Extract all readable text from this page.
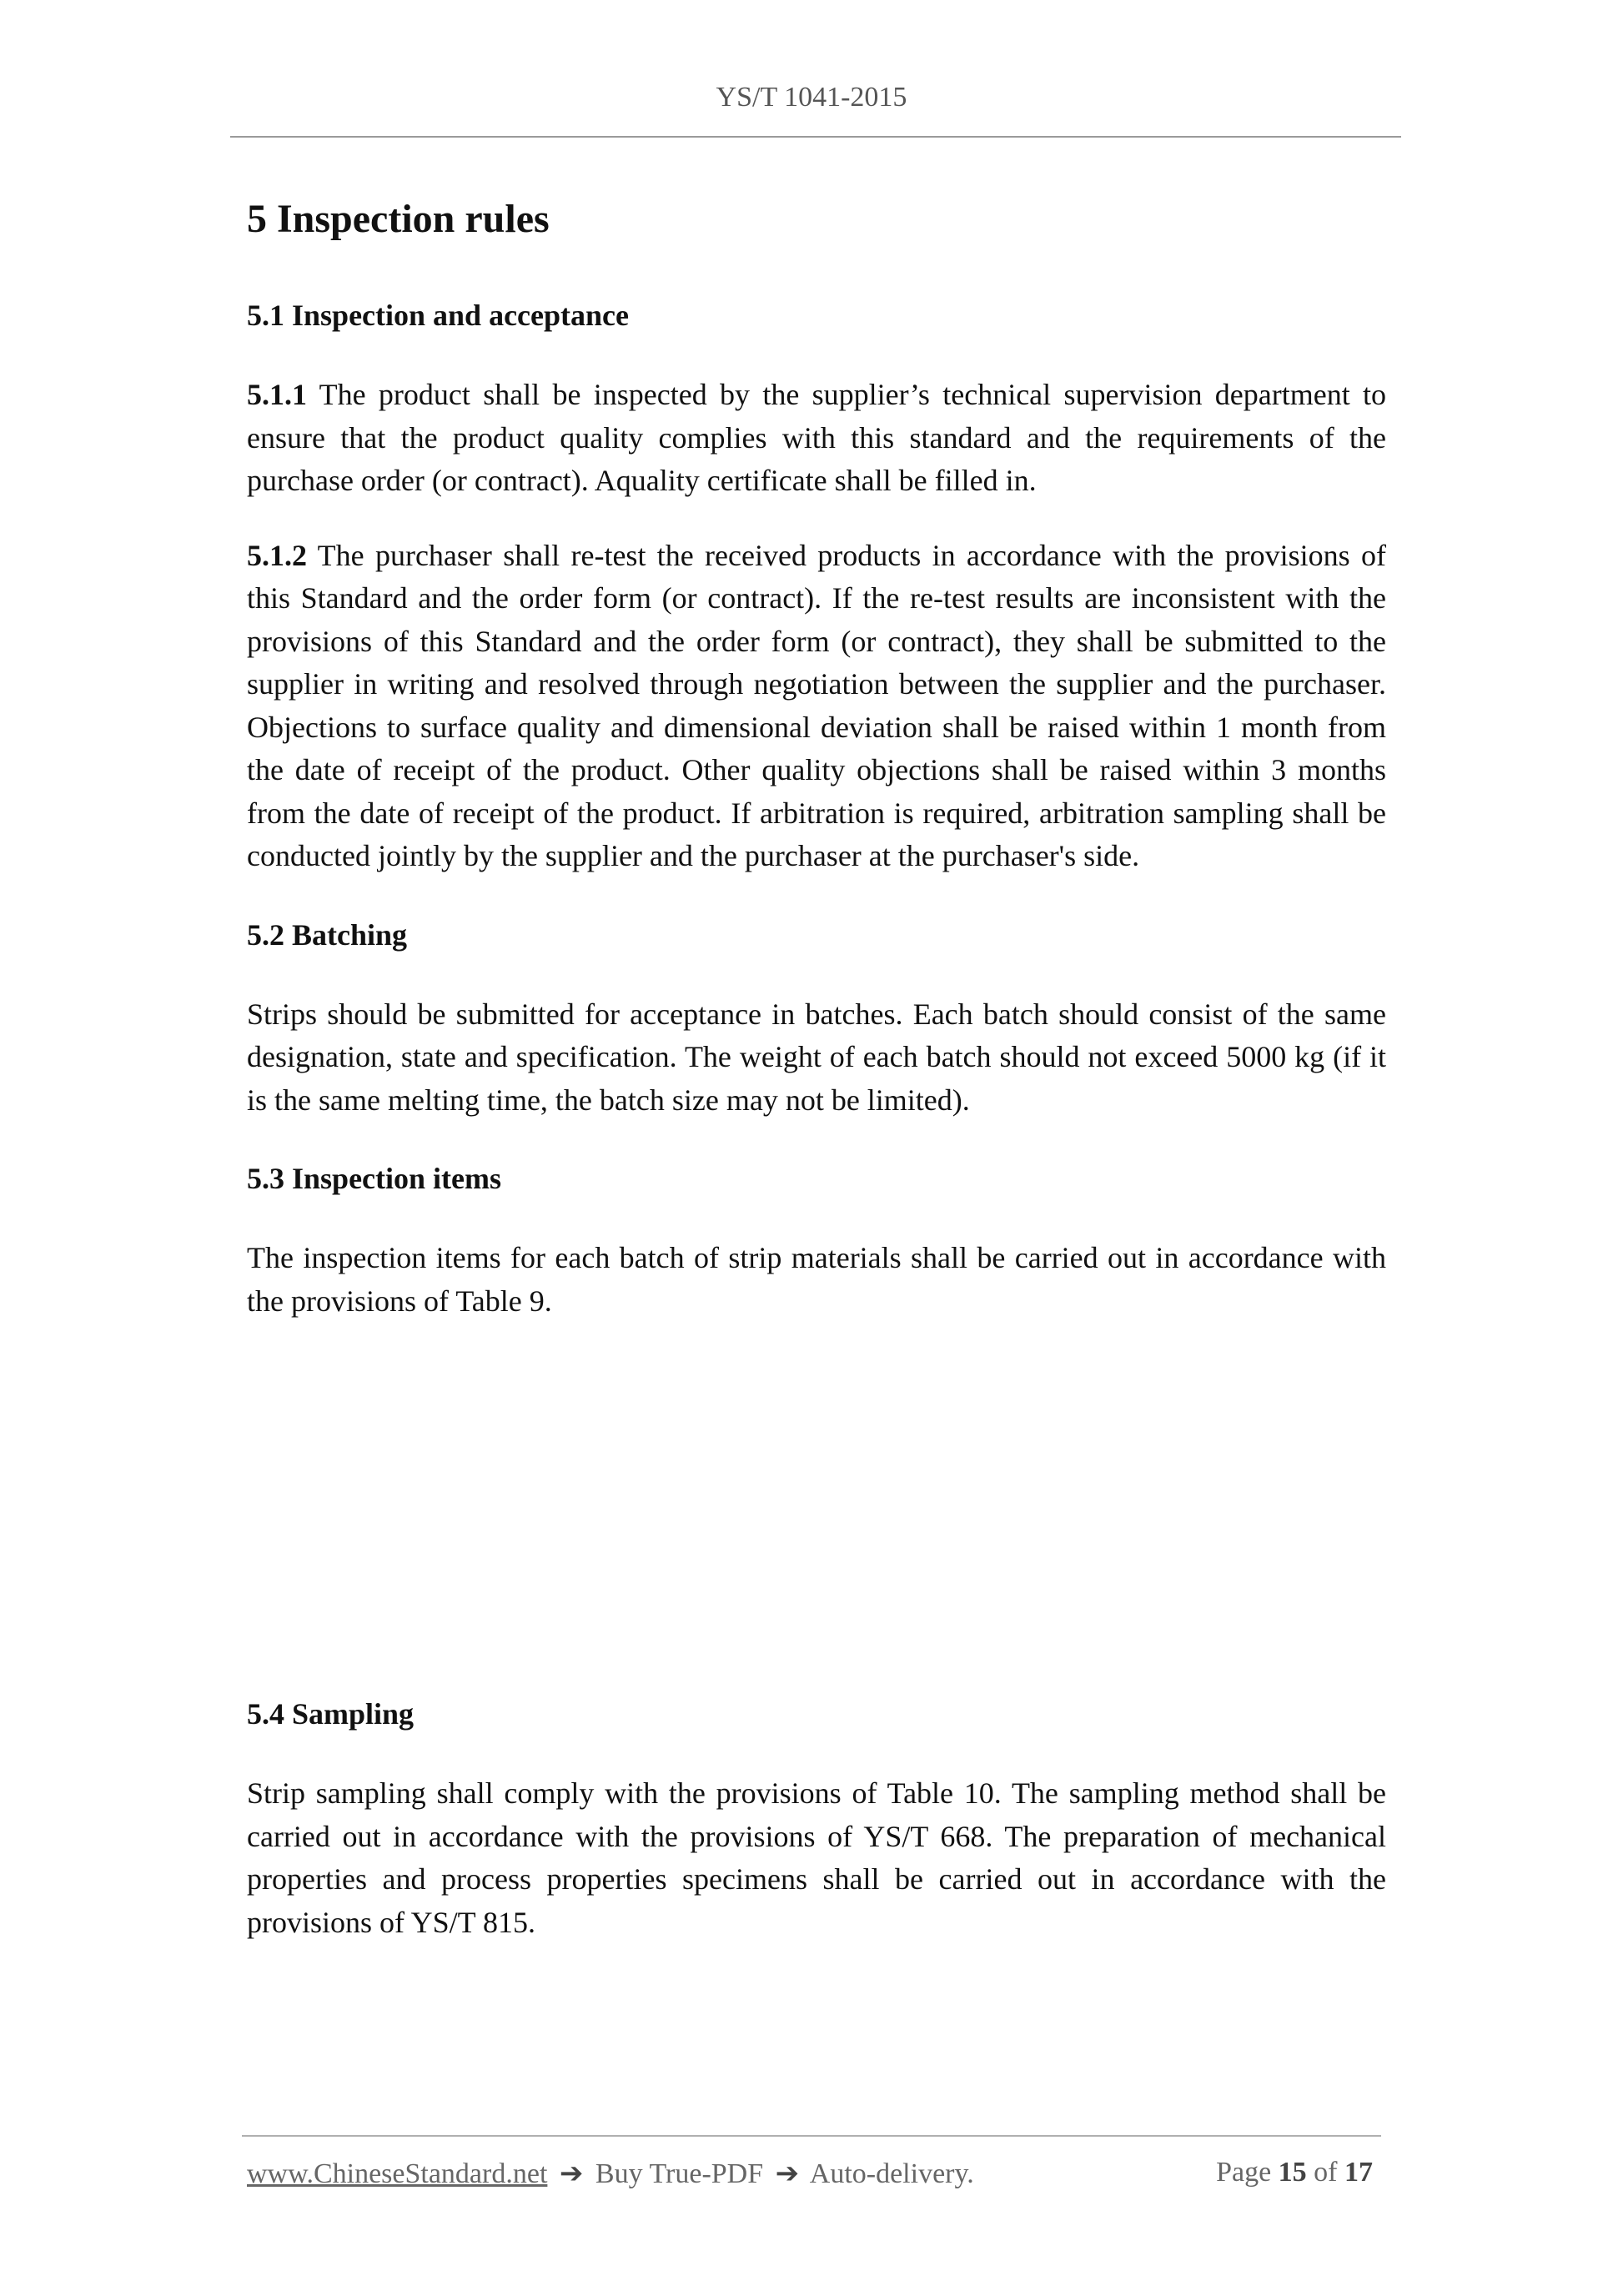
YS/T 1041-2015
5 Inspection rules
5.1 Inspection and acceptance

5.1.1 The product shall be inspected by the supplier’s technical supervision department to ensure that the product quality complies with this standard and the requirements of the purchase order (or contract). Aquality certificate shall be filled in.

5.1.2 The purchaser shall re-test the received products in accordance with the provisions of this Standard and the order form (or contract). If the re-test results are inconsistent with the provisions of this Standard and the order form (or contract), they shall be submitted to the supplier in writing and resolved through negotiation between the supplier and the purchaser. Objections to surface quality and dimensional deviation shall be raised within 1 month from the date of receipt of the product. Other quality objections shall be raised within 3 months from the date of receipt of the product. If arbitration is required, arbitration sampling shall be conducted jointly by the supplier and the purchaser at the purchaser's side.

5.2 Batching

Strips should be submitted for acceptance in batches. Each batch should consist of the same designation, state and specification. The weight of each batch should not exceed 5000 kg (if it is the same melting time, the batch size may not be limited).

5.3 Inspection items

The inspection items for each batch of strip materials shall be carried out in accordance with the provisions of Table 9.

5.4 Sampling

Strip sampling shall comply with the provisions of Table 10. The sampling method shall be carried out in accordance with the provisions of YS/T 668. The preparation of mechanical properties and process properties specimens shall be carried out in accordance with the provisions of YS/T 815.

www.ChineseStandard.net ➔ Buy True-PDF ➔ Auto-delivery.	Page 15 of 17
